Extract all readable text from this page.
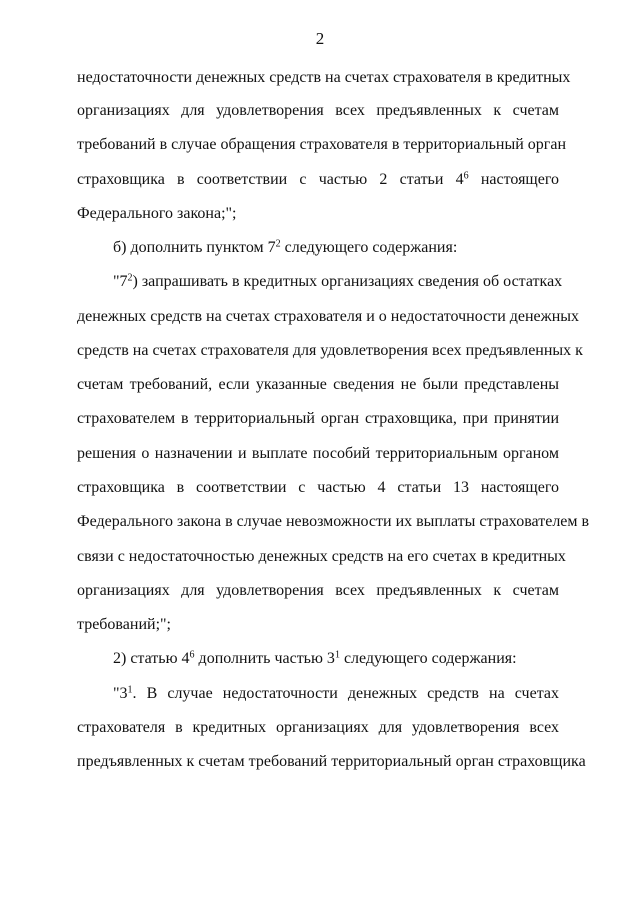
2
недостаточности денежных средств на счетах страхователя в кредитных
организациях для удовлетворения всех предъявленных к счетам
требований в случае обращения страхователя в территориальный орган
страховщика в соответствии с частью 2 статьи $4^6$ настоящего
Федерального закона;";
б) дополнить пунктом $7^2$ следующего содержания:
"$7^2$) запрашивать в кредитных организациях сведения об остатках
денежных средств на счетах страхователя и о недостаточности денежных
средств на счетах страхователя для удовлетворения всех предъявленных к
счетам требований, если указанные сведения не были представлены
страхователем в территориальный орган страховщика, при принятии
решения о назначении и выплате пособий территориальным органом
страховщика в соответствии с частью 4 статьи 13 настоящего
Федерального закона в случае невозможности их выплаты страхователем в
связи с недостаточностью денежных средств на его счетах в кредитных
организациях для удовлетворения всех предъявленных к счетам
требований;";
2) статью $4^6$ дополнить частью $3^1$ следующего содержания:
"$3^1$. В случае недостаточности денежных средств на счетах
страхователя в кредитных организациях для удовлетворения всех
предъявленных к счетам требований территориальный орган страховщика
